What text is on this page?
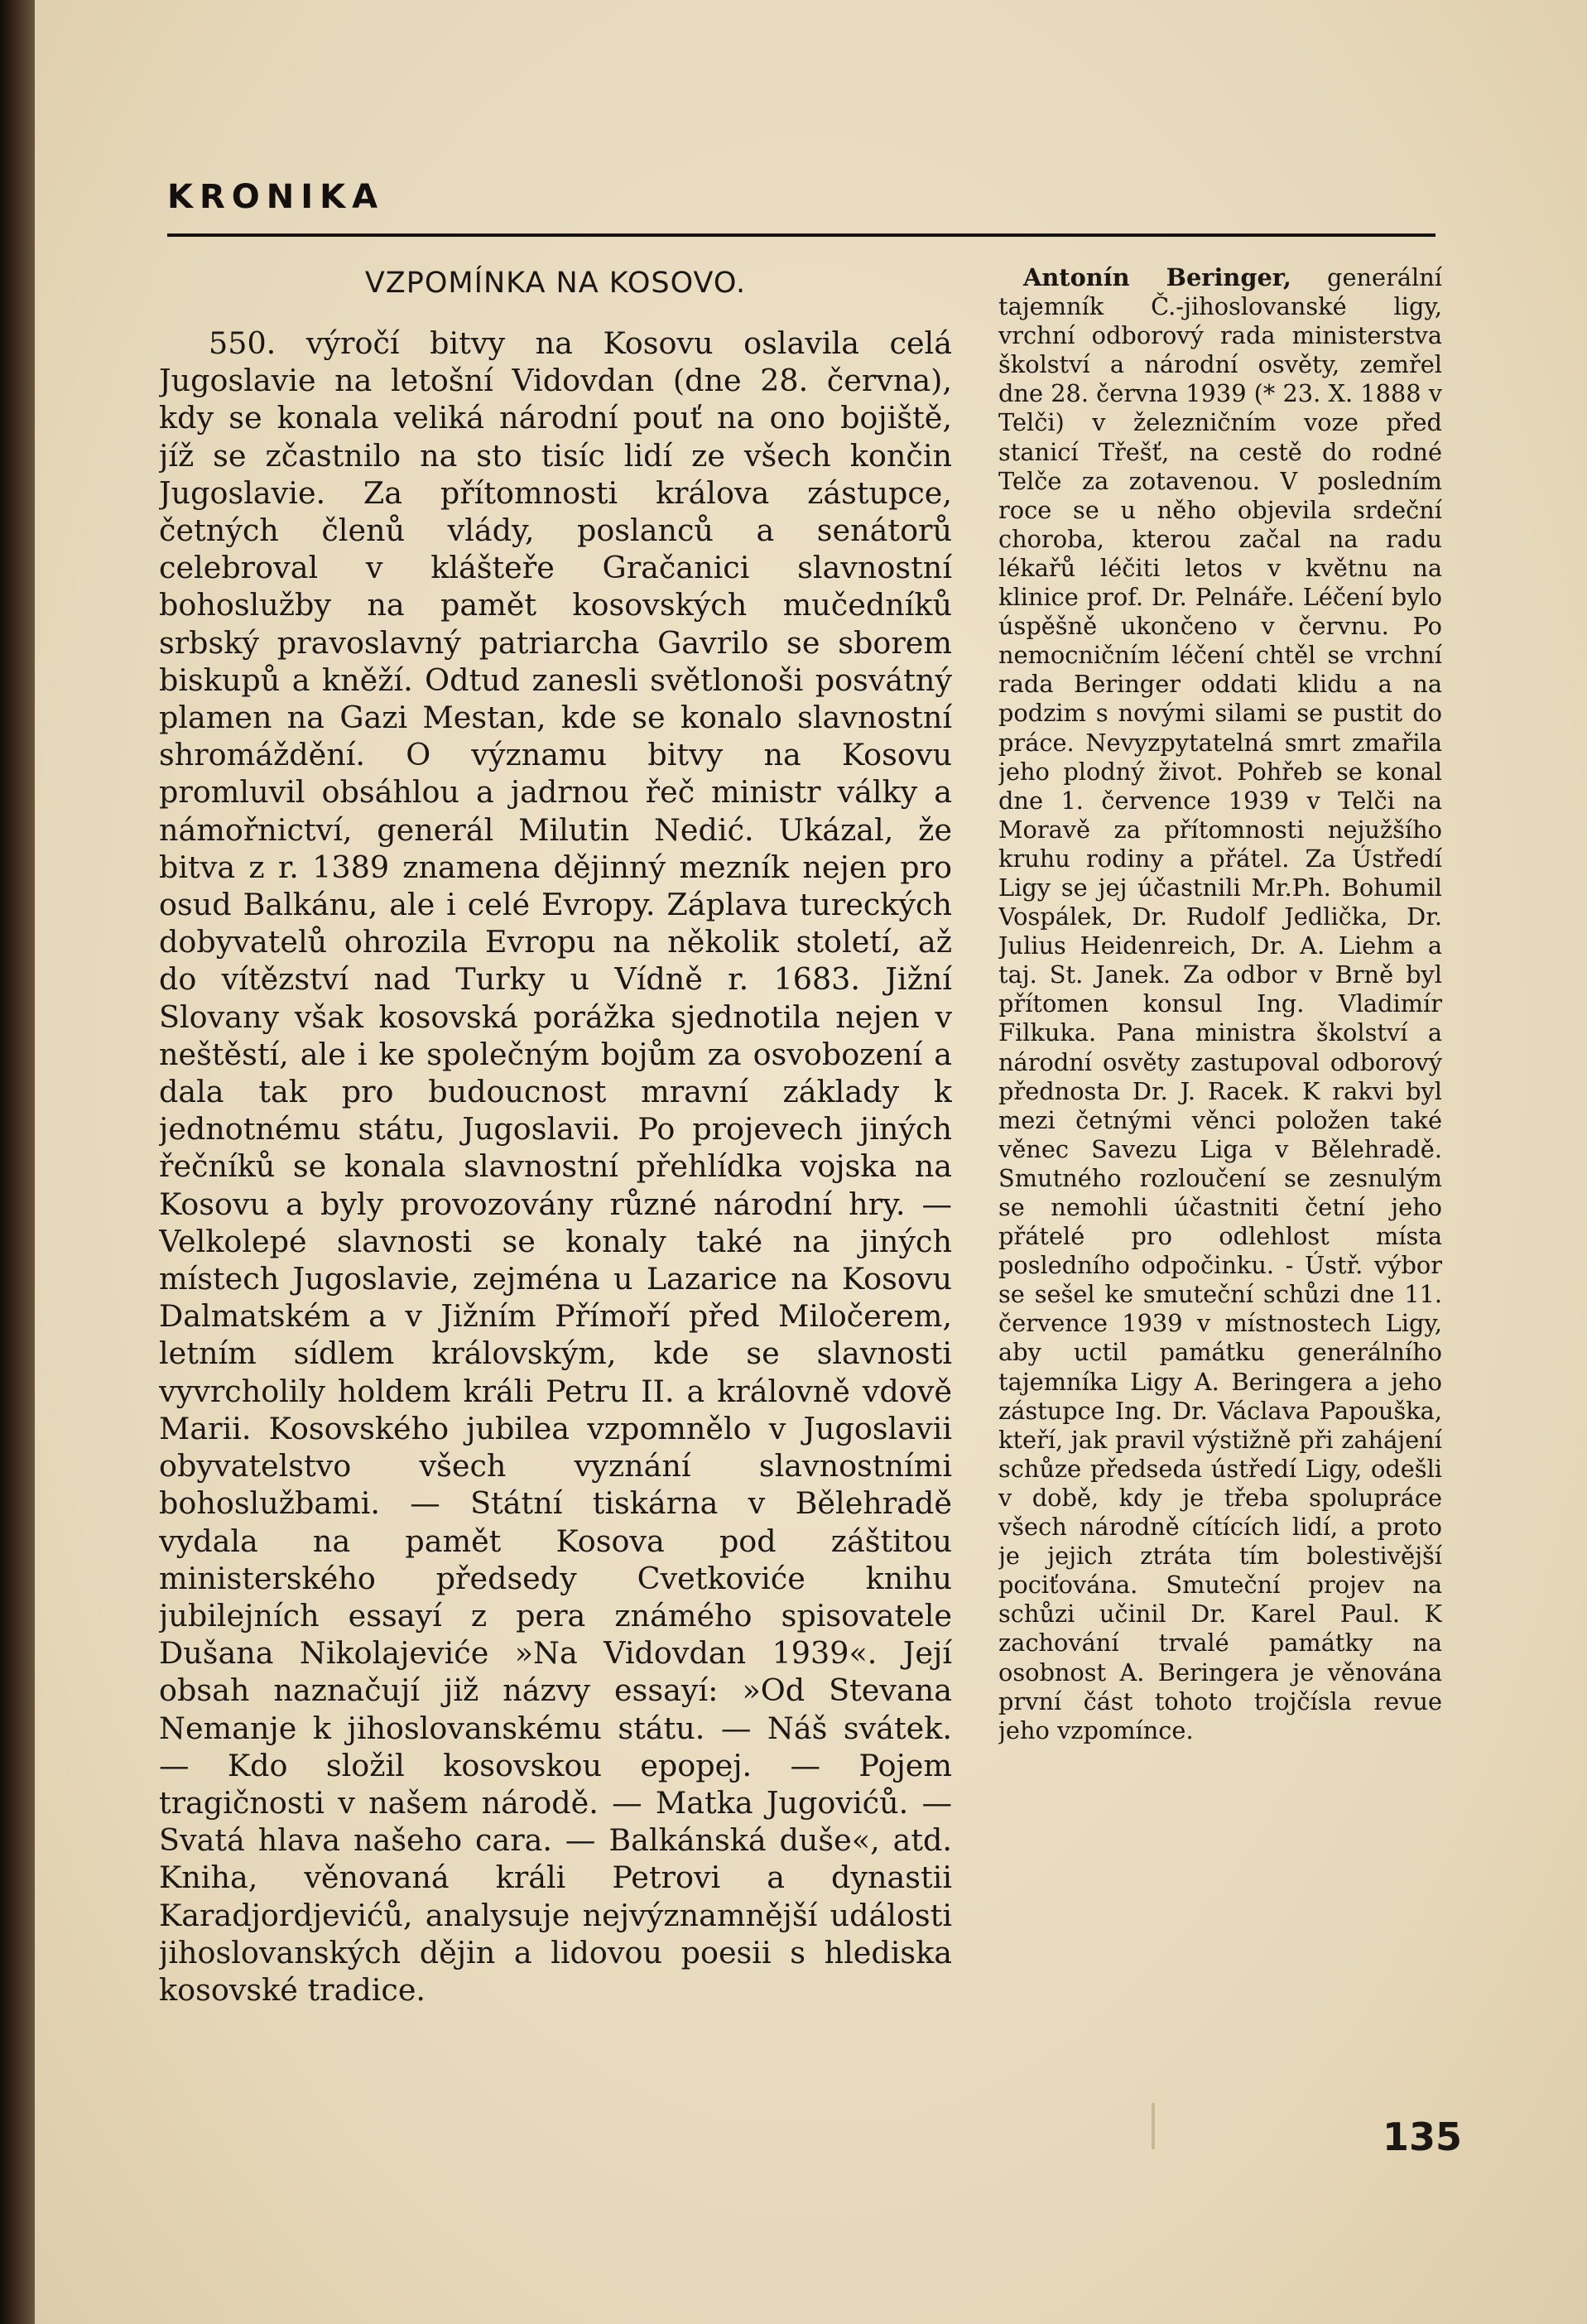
KRONIKA
VZPOMÍNKA NA KOSOVO.

550. výročí bitvy na Kosovu oslavila celá Jugoslavie na letošní Vidovdan (dne 28. června), kdy se konala veliká národní pouť na ono bojiště, jíž se zčastnilo na sto tisíc lidí ze všech končin Jugoslavie. Za přítomnosti králova zástupce, četných členů vlády, poslanců a senátorů celebroval v klášteře Gračanici slavnostní bohoslužby na pamět kosovských mučedníků srbský pravoslavný patriarcha Gavrilo se sborem biskupů a kněží. Odtud zanesli světlonoši posvátný plamen na Gazi Mestan, kde se konalo slavnostní shromáždění. O významu bitvy na Kosovu promluvil obsáhlou a jadrnou řeč ministr války a námořnictví, generál Milutin Nedić. Ukázal, že bitva z r. 1389 znamena dějinný mezník nejen pro osud Balkánu, ale i celé Evropy. Záplava tureckých dobyvatelů ohrozila Evropu na několik století, až do vítězství nad Turky u Vídně r. 1683. Jižní Slovany však kosovská porážka sjednotila nejen v neštěstí, ale i ke společným bojům za osvobození a dala tak pro budoucnost mravní základy k jednotnému státu, Jugoslavii. Po projevech jiných řečníků se konala slavnostní přehlídka vojska na Kosovu a byly provozovány různé národní hry. — Velkolepé slavnosti se konaly také na jiných místech Jugoslavie, zejména u Lazarice na Kosovu Dalmatském a v Jižním Přímoří před Miločerem, letním sídlem královským, kde se slavnosti vyvrcholily holdem králi Petru II. a královně vdově Marii. Kosovského jubilea vzpomnělo v Jugoslavii obyvatelstvo všech vyznání slavnostními bohoslužbami. — Státní tiskárna v Bělehradě vydala na pamět Kosova pod záštitou ministerského předsedy Cvetkoviće knihu jubilejních essayí z pera známého spisovatele Dušana Nikolajeviće »Na Vidovdan 1939«. Její obsah naznačují již názvy essayí: »Od Stevana Nemanje k jihoslovanskému státu. — Náš svátek. — Kdo složil kosovskou epopej. — Pojem tragičnosti v našem národě. — Matka Jugovićů. — Svatá hlava našeho cara. — Balkánská duše«, atd. Kniha, věnovaná králi Petrovi a dynastii Karadjordjevićů, analysuje nejvýznamnější události jihoslovanských dějin a lidovou poesii s hlediska kosovské tradice.

Antonín Beringer, generální tajemník Č.-jihoslovanské ligy, vrchní odborový rada ministerstva školství a národní osvěty, zemřel dne 28. června 1939 (* 23. X. 1888 v Telči) v železničním voze před stanicí Třešť, na cestě do rodné Telče za zotavenou. V posledním roce se u něho objevila srdeční choroba, kterou začal na radu lékařů léčiti letos v květnu na klinice prof. Dr. Pelnáře. Léčení bylo úspěšně ukončeno v červnu. Po nemocničním léčení chtěl se vrchní rada Beringer oddati klidu a na podzim s novými silami se pustit do práce. Nevyzpytatelná smrt zmařila jeho plodný život. Pohřeb se konal dne 1. července 1939 v Telči na Moravě za přítomnosti nejužšího kruhu rodiny a přátel. Za Ústředí Ligy se jej účastnili Mr.Ph. Bohumil Vospálek, Dr. Rudolf Jedlička, Dr. Julius Heidenreich, Dr. A. Liehm a taj. St. Janek. Za odbor v Brně byl přítomen konsul Ing. Vladimír Filkuka. Pana ministra školství a národní osvěty zastupoval odborový přednosta Dr. J. Racek. K rakvi byl mezi četnými věnci položen také věnec Savezu Liga v Bělehradě. Smutného rozloučení se zesnulým se nemohli účastniti četní jeho přátelé pro odlehlost místa posledního odpočinku. - Ústř. výbor se sešel ke smuteční schůzi dne 11. července 1939 v místnostech Ligy, aby uctil památku generálního tajemníka Ligy A. Beringera a jeho zástupce Ing. Dr. Václava Papouška, kteří, jak pravil výstižně při zahájení schůze předseda ústředí Ligy, odešli v době, kdy je třeba spolupráce všech národně cítících lidí, a proto je jejich ztráta tím bolestivější pociťována. Smuteční projev na schůzi učinil Dr. Karel Paul. K zachování trvalé památky na osobnost A. Beringera je věnována první část tohoto trojčísla revue jeho vzpomínce.

135
